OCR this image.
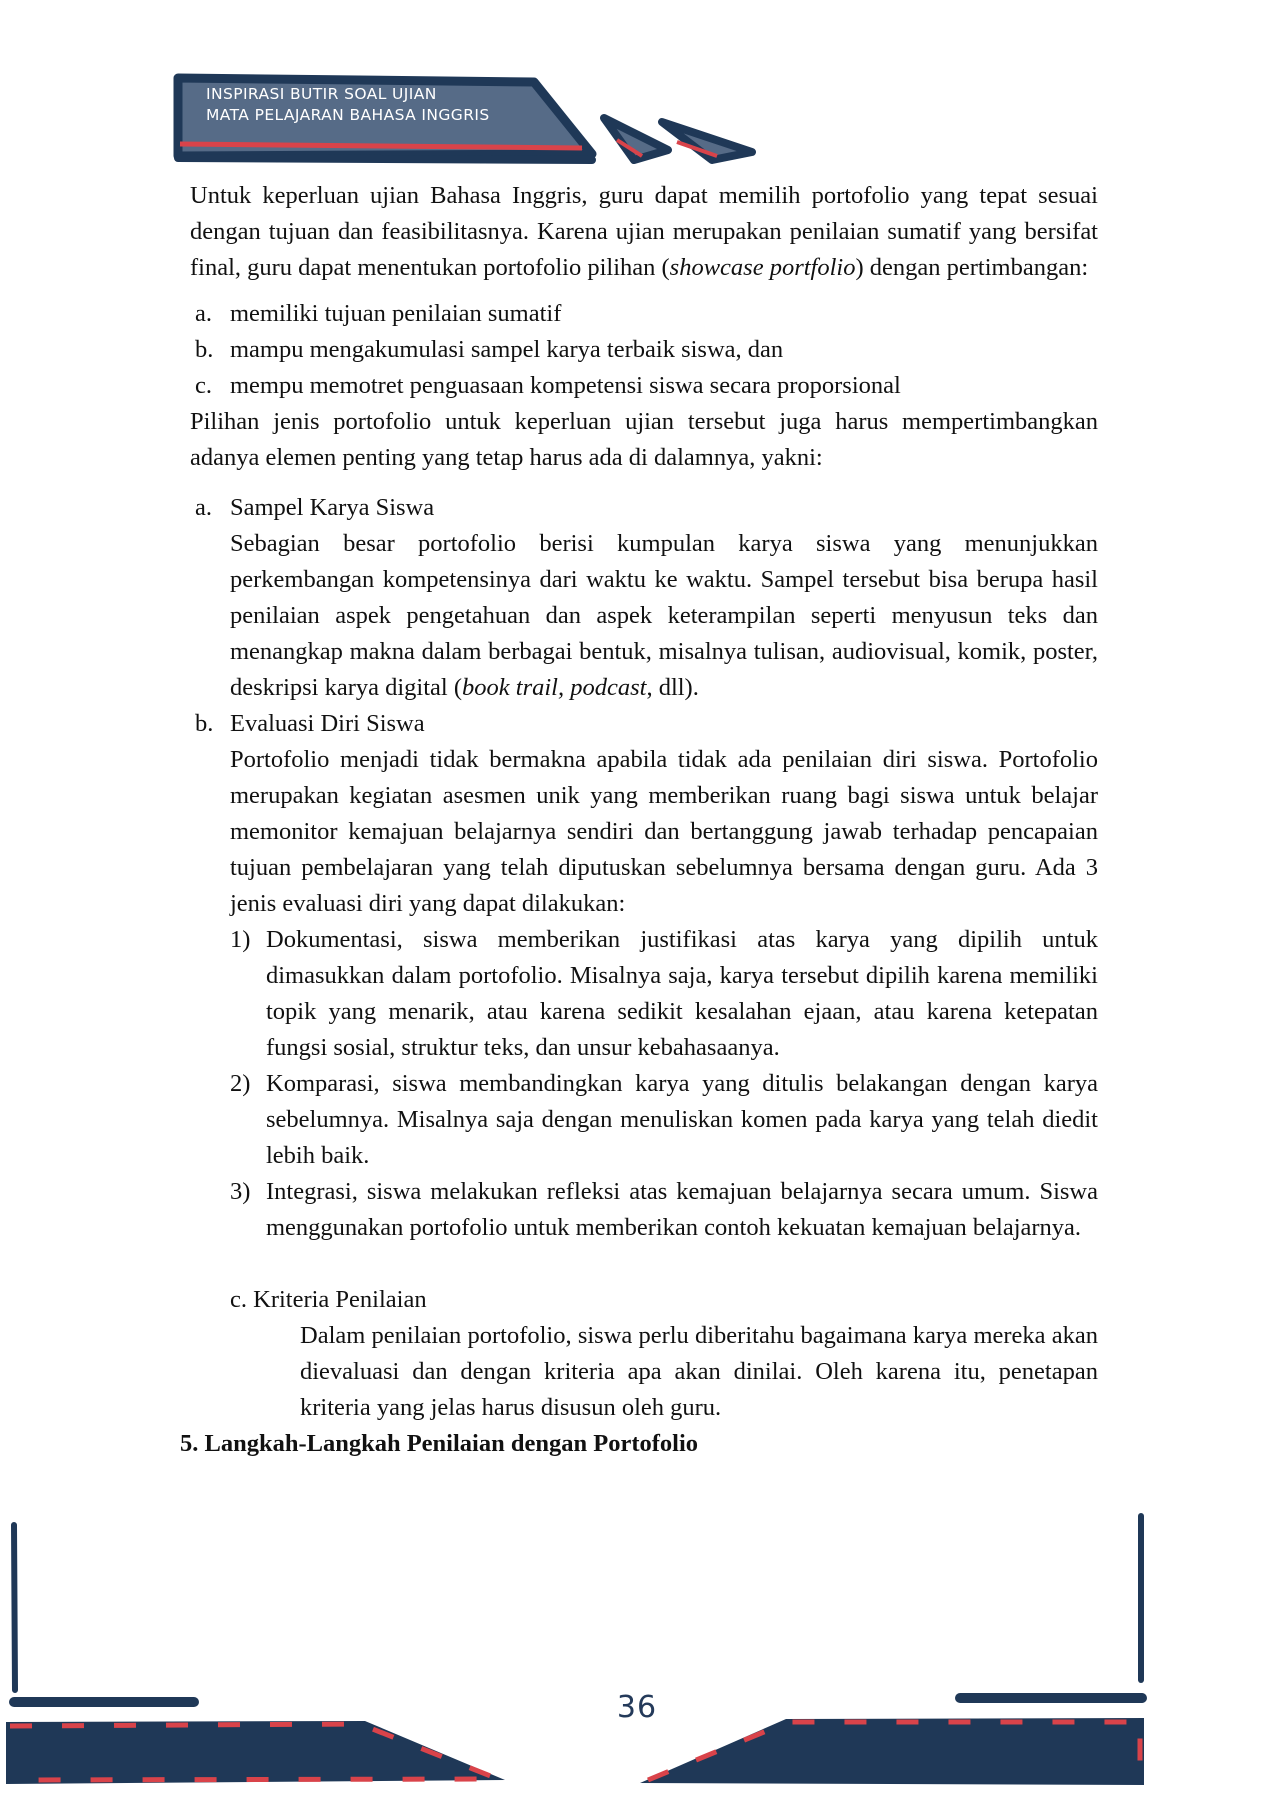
INSPIRASI BUTIR SOAL UJIAN
MATA PELAJARAN BAHASA INGGRIS

Untuk keperluan ujian Bahasa Inggris, guru dapat memilih portofolio yang tepat sesuai dengan tujuan dan feasibilitasnya. Karena ujian merupakan penilaian sumatif yang bersifat final, guru dapat menentukan portofolio pilihan (showcase portfolio) dengan pertimbangan:

a. memiliki tujuan penilaian sumatif
b. mampu mengakumulasi sampel karya terbaik siswa, dan
c. mempu memotret penguasaan kompetensi siswa secara proporsional

Pilihan jenis portofolio untuk keperluan ujian tersebut juga harus mempertimbangkan adanya elemen penting yang tetap harus ada di dalamnya, yakni:

a. Sampel Karya Siswa

Sebagian besar portofolio berisi kumpulan karya siswa yang menunjukkan perkembangan kompetensinya dari waktu ke waktu. Sampel tersebut bisa berupa hasil penilaian aspek pengetahuan dan aspek keterampilan seperti menyusun teks dan menangkap makna dalam berbagai bentuk, misalnya tulisan, audiovisual, komik, poster, deskripsi karya digital (book trail, podcast, dll).

b. Evaluasi Diri Siswa

Portofolio menjadi tidak bermakna apabila tidak ada penilaian diri siswa. Portofolio merupakan kegiatan asesmen unik yang memberikan ruang bagi siswa untuk belajar memonitor kemajuan belajarnya sendiri dan bertanggung jawab terhadap pencapaian tujuan pembelajaran yang telah diputuskan sebelumnya bersama dengan guru. Ada 3 jenis evaluasi diri yang dapat dilakukan:

1) Dokumentasi, siswa memberikan justifikasi atas karya yang dipilih untuk dimasukkan dalam portofolio. Misalnya saja, karya tersebut dipilih karena memiliki topik yang menarik, atau karena sedikit kesalahan ejaan, atau karena ketepatan fungsi sosial, struktur teks, dan unsur kebahasaanya.

2) Komparasi, siswa membandingkan karya yang ditulis belakangan dengan karya sebelumnya. Misalnya saja dengan menuliskan komen pada karya yang telah diedit lebih baik.

3) Integrasi, siswa melakukan refleksi atas kemajuan belajarnya secara umum. Siswa menggunakan portofolio untuk memberikan contoh kekuatan kemajuan belajarnya.

c. Kriteria Penilaian

Dalam penilaian portofolio, siswa perlu diberitahu bagaimana karya mereka akan dievaluasi dan dengan kriteria apa akan dinilai. Oleh karena itu, penetapan kriteria yang jelas harus disusun oleh guru.

5. Langkah-Langkah Penilaian dengan Portofolio
36
